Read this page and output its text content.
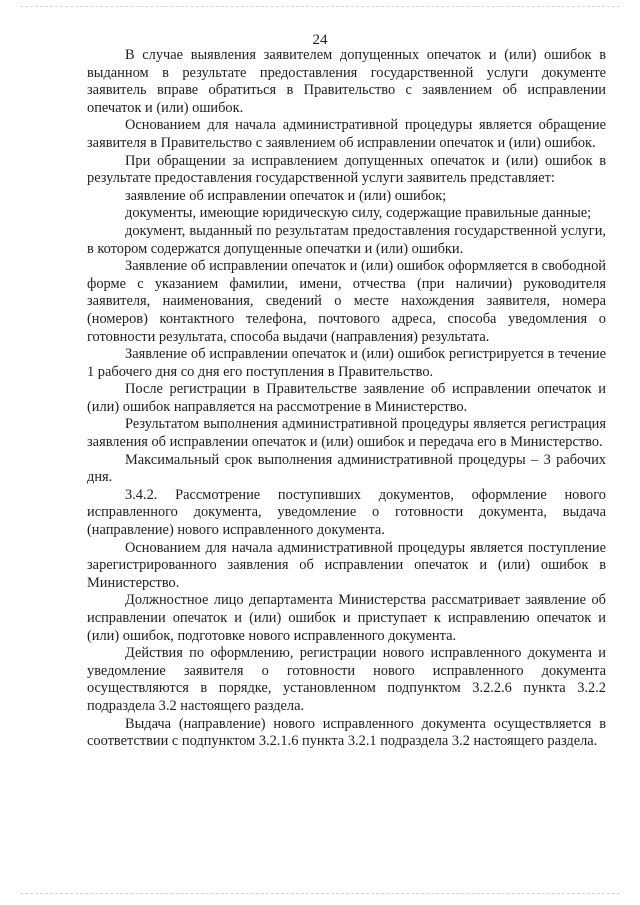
24

В случае выявления заявителем допущенных опечаток и (или) ошибок в выданном в результате предоставления государственной услуги документе заявитель вправе обратиться в Правительство с заявлением об исправлении опечаток и (или) ошибок.

Основанием для начала административной процедуры является обращение заявителя в Правительство с заявлением об исправлении опечаток и (или) ошибок.

При обращении за исправлением допущенных опечаток и (или) ошибок в результате предоставления государственной услуги заявитель представляет:

заявление об исправлении опечаток и (или) ошибок;

документы, имеющие юридическую силу, содержащие правильные данные;

документ, выданный по результатам предоставления государственной услуги, в котором содержатся допущенные опечатки и (или) ошибки.

Заявление об исправлении опечаток и (или) ошибок оформляется в свободной форме с указанием фамилии, имени, отчества (при наличии) руководителя заявителя, наименования, сведений о месте нахождения заявителя, номера (номеров) контактного телефона, почтового адреса, способа уведомления о готовности результата, способа выдачи (направления) результата.

Заявление об исправлении опечаток и (или) ошибок регистрируется в течение 1 рабочего дня со дня его поступления в Правительство.

После регистрации в Правительстве заявление об исправлении опечаток и (или) ошибок направляется на рассмотрение в Министерство.

Результатом выполнения административной процедуры является регистрация заявления об исправлении опечаток и (или) ошибок и передача его в Министерство.

Максимальный срок выполнения административной процедуры – 3 рабочих дня.

3.4.2. Рассмотрение поступивших документов, оформление нового исправленного документа, уведомление о готовности документа, выдача (направление) нового исправленного документа.

Основанием для начала административной процедуры является поступление зарегистрированного заявления об исправлении опечаток и (или) ошибок в Министерство.

Должностное лицо департамента Министерства рассматривает заявление об исправлении опечаток и (или) ошибок и приступает к исправлению опечаток и (или) ошибок, подготовке нового исправленного документа.

Действия по оформлению, регистрации нового исправленного документа и уведомление заявителя о готовности нового исправленного документа осуществляются в порядке, установленном подпунктом 3.2.2.6 пункта 3.2.2 подраздела 3.2 настоящего раздела.

Выдача (направление) нового исправленного документа осуществляется в соответствии с подпунктом 3.2.1.6 пункта 3.2.1 подраздела 3.2 настоящего раздела.
